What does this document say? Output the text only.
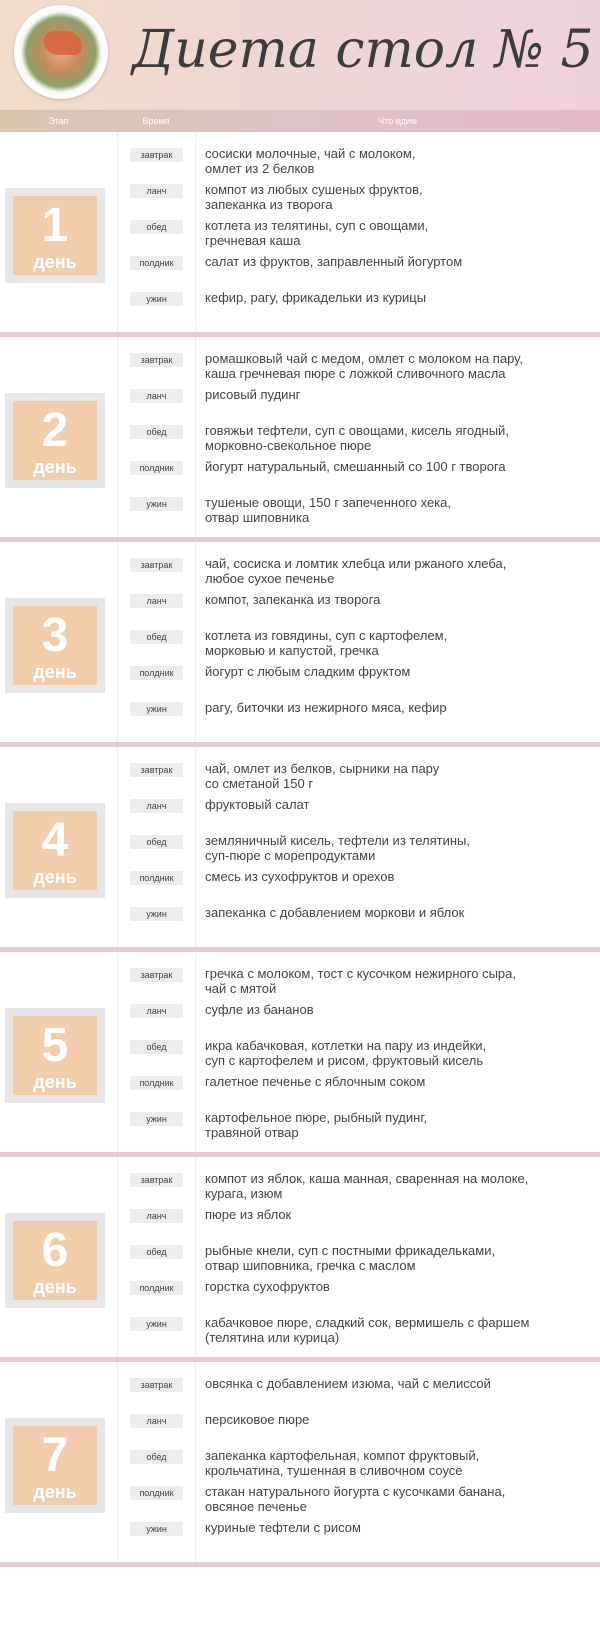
Диета стол № 5
Этап	Время	Что едим
1
день
завтрак	сосиски молочные, чай с молоком,
омлет из 2 белков
ланч	компот из любых сушеных фруктов,
запеканка из творога
обед	котлета из телятины, суп с овощами,
гречневая каша
полдник	салат из фруктов, заправленный йогуртом
ужин	кефир, рагу, фрикадельки из курицы
2
день
завтрак	ромашковый чай с медом, омлет с молоком на пару,
каша гречневая пюре с ложкой сливочного масла
ланч	рисовый пудинг
обед	говяжьи тефтели, суп с овощами, кисель ягодный,
морковно-свекольное пюре
полдник	йогурт натуральный, смешанный со 100 г творога
ужин	тушеные овощи, 150 г запеченного хека,
отвар шиповника
3
день
завтрак	чай, сосиска и ломтик хлебца или ржаного хлеба,
любое сухое печенье
ланч	компот, запеканка из творога
обед	котлета из говядины, суп с картофелем,
морковью и капустой, гречка
полдник	йогурт с любым сладким фруктом
ужин	рагу, биточки из нежирного мяса, кефир
4
день
завтрак	чай, омлет из белков, сырники на пару
со сметаной 150 г
ланч	фруктовый салат
обед	земляничный кисель, тефтели из телятины,
суп-пюре с морепродуктами
полдник	смесь из сухофруктов и орехов
ужин	запеканка с добавлением моркови и яблок
5
день
завтрак	гречка с молоком, тост с кусочком нежирного сыра,
чай с мятой
ланч	суфле из бананов
обед	икра кабачковая, котлетки на пару из индейки,
суп с картофелем и рисом, фруктовый кисель
полдник	галетное печенье с яблочным соком
ужин	картофельное пюре, рыбный пудинг,
травяной отвар
6
день
завтрак	компот из яблок, каша манная, сваренная на молоке,
курага, изюм
ланч	пюре из яблок
обед	рыбные кнели, суп с постными фрикадельками,
отвар шиповника, гречка с маслом
полдник	горстка сухофруктов
ужин	кабачковое пюре, сладкий сок, вермишель с фаршем
(телятина или курица)
7
день
завтрак	овсянка с добавлением изюма, чай с мелиссой
ланч	персиковое пюре
обед	запеканка картофельная, компот фруктовый,
крольчатина, тушенная в сливочном соусе
полдник	стакан натурального йогурта с кусочками банана,
овсяное печенье
ужин	куриные тефтели с рисом
